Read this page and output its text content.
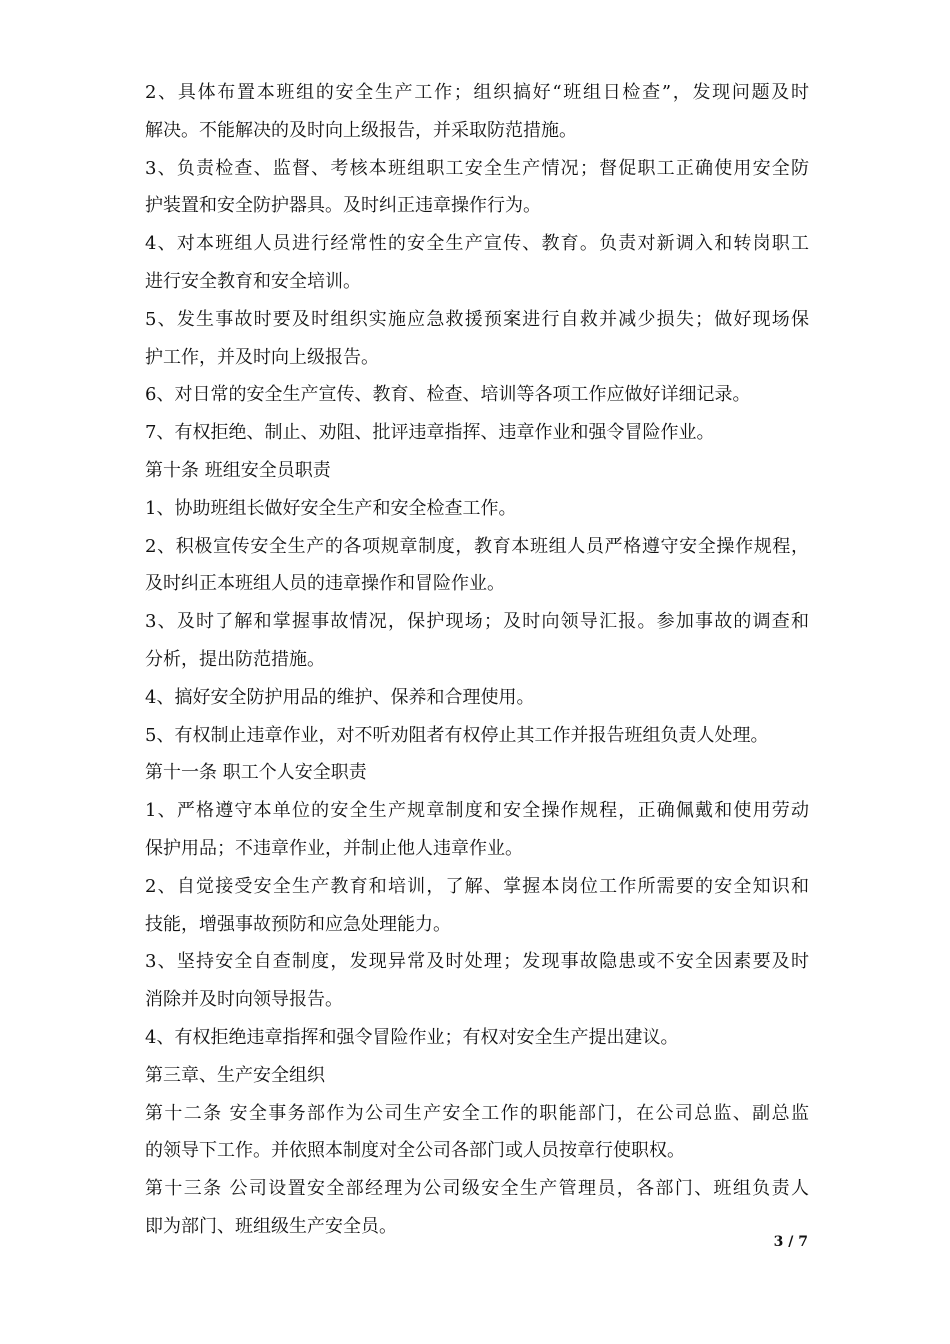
2、具体布置本班组的安全生产工作；组织搞好“班组日检查”，发现问题及时
解决。不能解决的及时向上级报告，并采取防范措施。
3、负责检查、监督、考核本班组职工安全生产情况；督促职工正确使用安全防
护装置和安全防护器具。及时纠正违章操作行为。
4、对本班组人员进行经常性的安全生产宣传、教育。负责对新调入和转岗职工
进行安全教育和安全培训。
5、发生事故时要及时组织实施应急救援预案进行自救并减少损失；做好现场保
护工作，并及时向上级报告。
6、对日常的安全生产宣传、教育、检查、培训等各项工作应做好详细记录。
7、有权拒绝、制止、劝阻、批评违章指挥、违章作业和强令冒险作业。
第十条 班组安全员职责
1、协助班组长做好安全生产和安全检查工作。
2、积极宣传安全生产的各项规章制度，教育本班组人员严格遵守安全操作规程，
及时纠正本班组人员的违章操作和冒险作业。
3、及时了解和掌握事故情况，保护现场；及时向领导汇报。参加事故的调查和
分析，提出防范措施。
4、搞好安全防护用品的维护、保养和合理使用。
5、有权制止违章作业，对不听劝阻者有权停止其工作并报告班组负责人处理。
第十一条 职工个人安全职责
1、严格遵守本单位的安全生产规章制度和安全操作规程，正确佩戴和使用劳动
保护用品；不违章作业，并制止他人违章作业。
2、自觉接受安全生产教育和培训，了解、掌握本岗位工作所需要的安全知识和
技能，增强事故预防和应急处理能力。
3、坚持安全自查制度，发现异常及时处理；发现事故隐患或不安全因素要及时
消除并及时向领导报告。
4、有权拒绝违章指挥和强令冒险作业；有权对安全生产提出建议。
第三章、生产安全组织
第十二条 安全事务部作为公司生产安全工作的职能部门，在公司总监、副总监
的领导下工作。并依照本制度对全公司各部门或人员按章行使职权。
第十三条 公司设置安全部经理为公司级安全生产管理员，各部门、班组负责人
即为部门、班组级生产安全员。
3 / 7
